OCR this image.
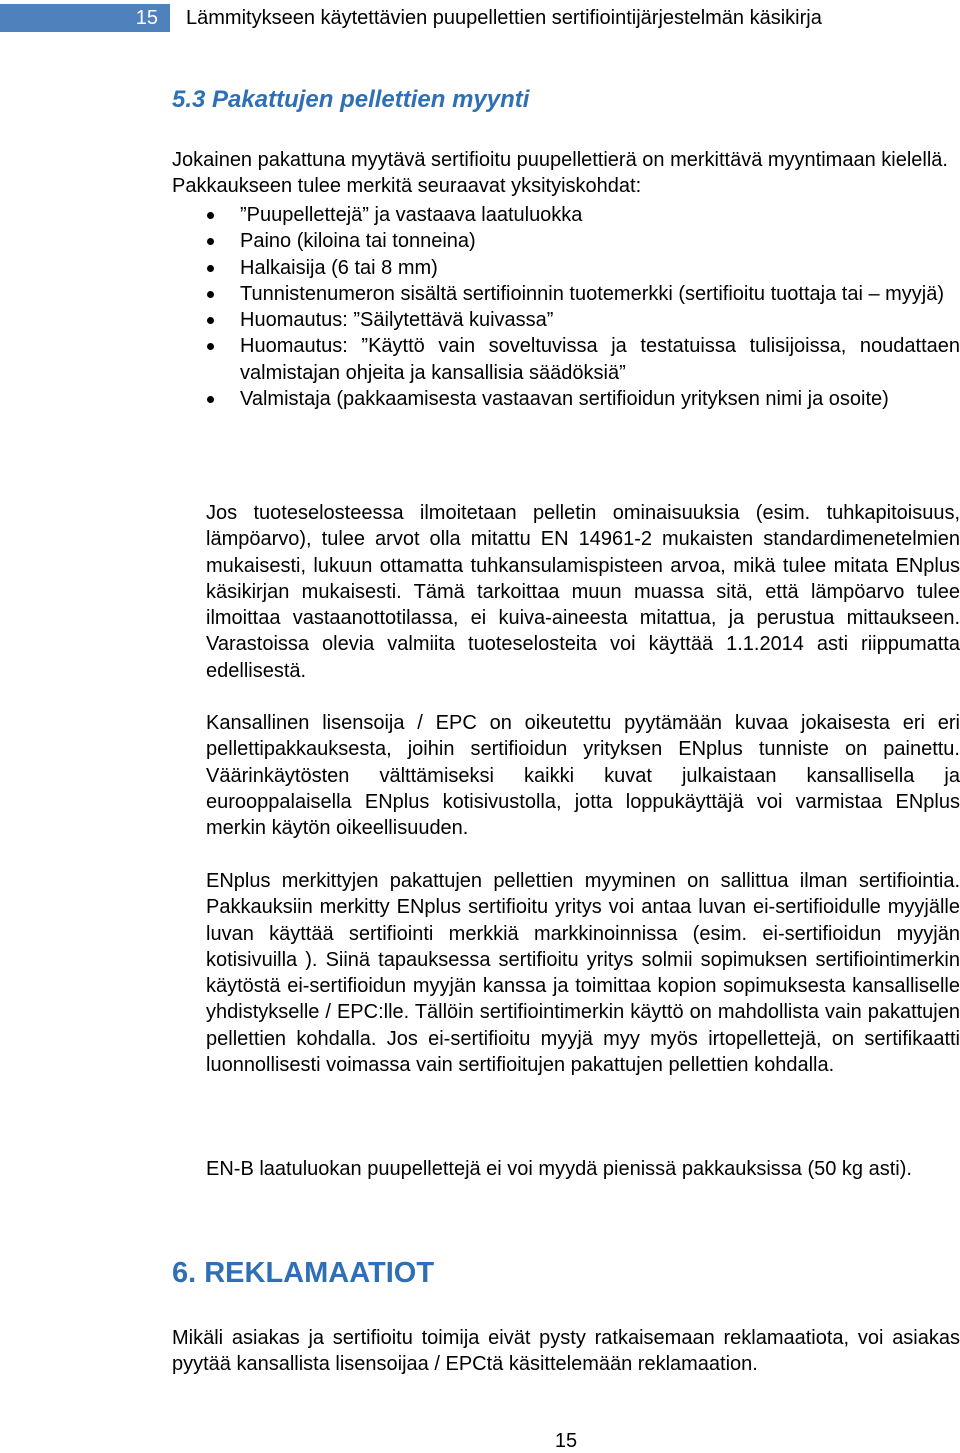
15	Lämmitykseen käytettävien puupellettien sertifiointijärjestelmän käsikirja
5.3 Pakattujen pellettien myynti
Jokainen pakattuna myytävä sertifioitu puupellettierä on merkittävä myyntimaan kielellä. Pakkaukseen tulee merkitä seuraavat yksityiskohdat:
”Puupellettejä” ja vastaava laatuluokka
Paino (kiloina tai tonneina)
Halkaisija (6 tai 8 mm)
Tunnistenumeron sisältä sertifioinnin tuotemerkki (sertifioitu tuottaja tai – myyjä)
Huomautus: ”Säilytettävä kuivassa”
Huomautus: ”Käyttö vain soveltuvissa ja testatuissa tulisijoissa, noudattaen valmistajan ohjeita ja kansallisia säädöksiä”
Valmistaja (pakkaamisesta vastaavan sertifioidun yrityksen nimi ja osoite)
Jos tuoteselosteessa ilmoitetaan pelletin ominaisuuksia (esim. tuhkapitoisuus, lämpöarvo), tulee arvot olla mitattu EN 14961-2 mukaisten standardimenetelmien mukaisesti, lukuun ottamatta tuhkansulamispisteen arvoa, mikä tulee mitata ENplus käsikirjan mukaisesti. Tämä tarkoittaa muun muassa sitä, että lämpöarvo tulee ilmoittaa vastaanottotilassa, ei kuiva-aineesta mitattua, ja perustua mittaukseen. Varastoissa olevia valmiita tuoteselosteita voi käyttää 1.1.2014 asti riippumatta edellisestä.
Kansallinen lisensoija / EPC on oikeutettu pyytämään kuvaa jokaisesta eri eri pellettipakkauksesta, joihin sertifioidun yrityksen ENplus tunniste on painettu. Väärinkäytösten välttämiseksi kaikki kuvat julkaistaan kansallisella ja eurooppalaisella ENplus kotisivustolla, jotta loppukäyttäjä voi varmistaa ENplus merkin käytön oikeellisuuden.
ENplus merkittyjen pakattujen pellettien myyminen on sallittua ilman sertifiointia. Pakkauksiin merkitty ENplus sertifioitu yritys voi antaa luvan ei-sertifioidulle myyjälle luvan käyttää sertifiointi merkkiä markkinoinnissa (esim. ei-sertifioidun myyjän kotisivuilla ). Siinä tapauksessa sertifioitu yritys solmii sopimuksen sertifiointimerkin käytöstä ei-sertifioidun myyjän kanssa ja toimittaa kopion sopimuksesta kansalliselle yhdistykselle / EPC:lle. Tällöin sertifiointimerkin käyttö on mahdollista vain pakattujen pellettien kohdalla. Jos ei-sertifioitu myyjä myy myös irtopellettejä, on sertifikaatti luonnollisesti voimassa vain sertifioitujen pakattujen pellettien kohdalla.
EN-B laatuluokan puupellettejä ei voi myydä pienissä pakkauksissa (50 kg asti).
6. REKLAMAATIOT
Mikäli asiakas ja sertifioitu toimija eivät pysty ratkaisemaan reklamaatiota, voi asiakas pyytää kansallista lisensoijaa / EPCtä käsittelemään reklamaation.
15
